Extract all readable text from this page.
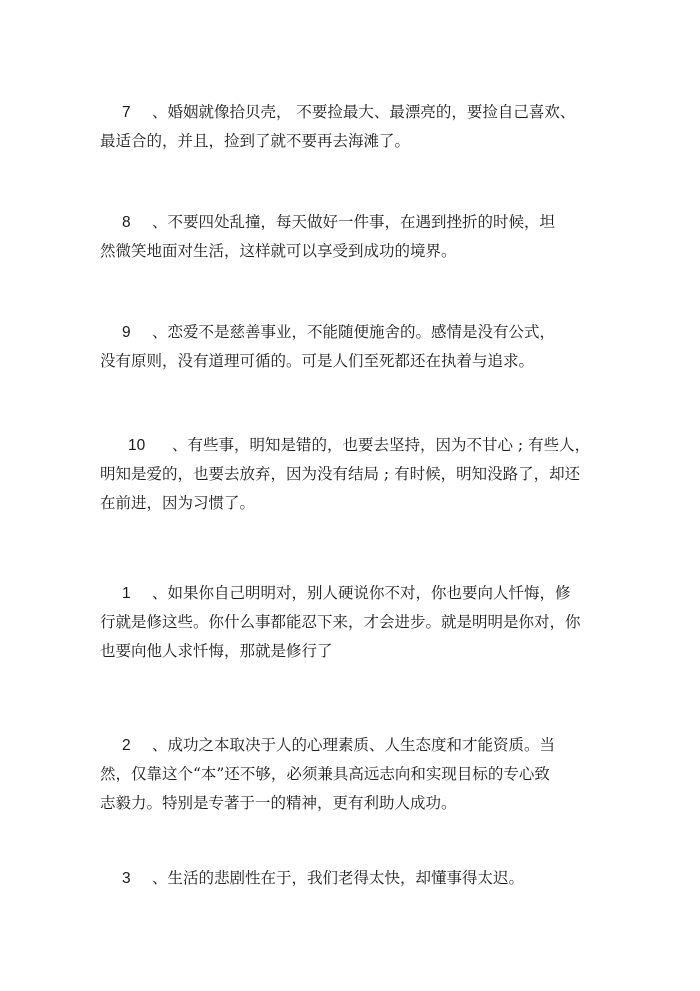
7 、婚姻就像拾贝壳， 不要捡最大、最漂亮的，要捡自己喜欢、

最适合的，并且，捡到了就不要再去海滩了。

8 、不要四处乱撞，每天做好一件事，在遇到挫折的时候，坦

然微笑地面对生活，这样就可以享受到成功的境界。

9 、恋爱不是慈善事业，不能随便施舍的。感情是没有公式，

没有原则，没有道理可循的。可是人们至死都还在执着与追求。

10 、有些事，明知是错的，也要去坚持，因为不甘心 ; 有些人，

明知是爱的，也要去放弃，因为没有结局 ; 有时候，明知没路了，却还

在前进，因为习惯了。

1 、如果你自己明明对，别人硬说你不对，你也要向人忏悔，修

行就是修这些。你什么事都能忍下来，才会进步。就是明明是你对，你

也要向他人求忏悔，那就是修行了

2 、成功之本取决于人的心理素质、人生态度和才能资质。当

然，仅靠这个“本”还不够，必须兼具高远志向和实现目标的专心致

志毅力。特别是专著于一的精神，更有利助人成功。

3 、生活的悲剧性在于，我们老得太快，却懂事得太迟。
